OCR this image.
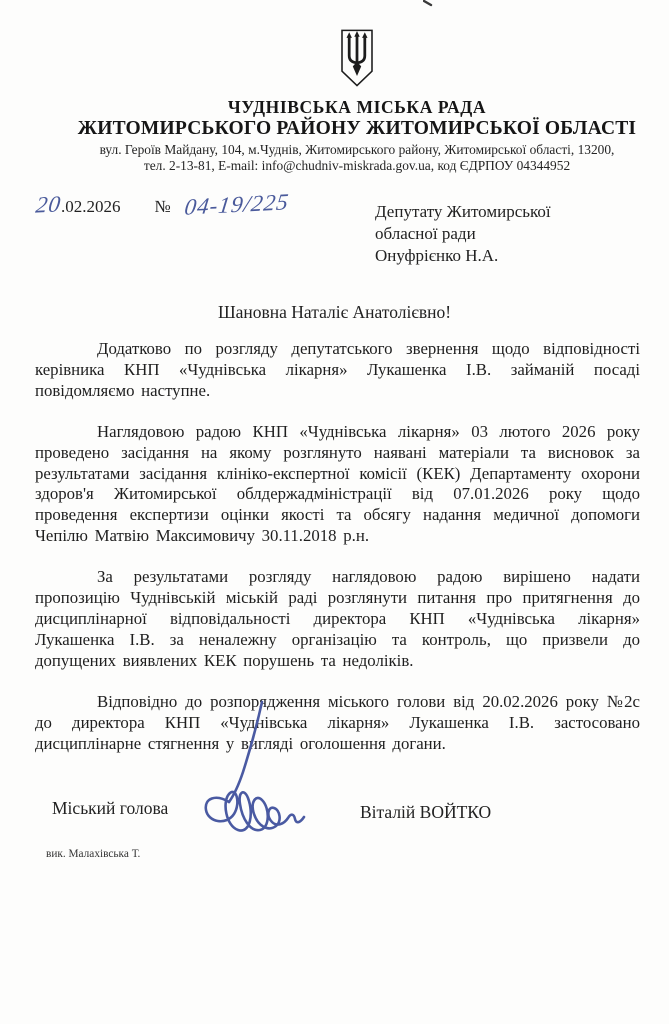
ЧУДНІВСЬКА МІСЬКА РАДА
ЖИТОМИРСЬКОГО РАЙОНУ ЖИТОМИРСЬКОЇ ОБЛАСТІ
вул. Героїв Майдану, 104, м.Чуднів, Житомирського району, Житомирської області, 13200,
тел. 2-13-81, E-mail: info@chudniv-miskrada.gov.ua, код ЄДРПОУ 04344952
20
.02.2026 № 04-19/225	Депутату Житомирської
обласної ради
Онуфрієнко Н.А.
Шановна Наталіє Анатолієвно!

Додатково по розгляду депутатського звернення щодо відповідності керівника КНП «Чуднівська лікарня» Лукашенка І.В. займаній посаді повідомляємо наступне.

Наглядовою радою КНП «Чуднівська лікарня» 03 лютого 2026 року проведено засідання на якому розглянуто наявані матеріали та висновок за результатами засідання клініко-експертної комісії (КЕК) Департаменту охорони здоров'я Житомирської облдержадміністрації від 07.01.2026 року щодо проведення експертизи оцінки якості та обсягу надання медичної допомоги Чепілю Матвію Максимовичу 30.11.2018 р.н.

За результатами розгляду наглядовою радою вирішено надати пропозицію Чуднівській міській раді розглянути питання про притягнення до дисциплінарної відповідальності директора КНП «Чуднівська лікарня» Лукашенка І.В. за неналежну організацію та контроль, що призвели до допущених виявлених КЕК порушень та недоліків.

Відповідно до розпорядження міського голови від 20.02.2026 року №2с до директора КНП «Чуднівська лікарня» Лукашенка І.В. застосовано дисциплінарне стягнення у вигляді оголошення догани.

Міський голова	Віталій ВОЙТКО
вик. Малахівська Т.
